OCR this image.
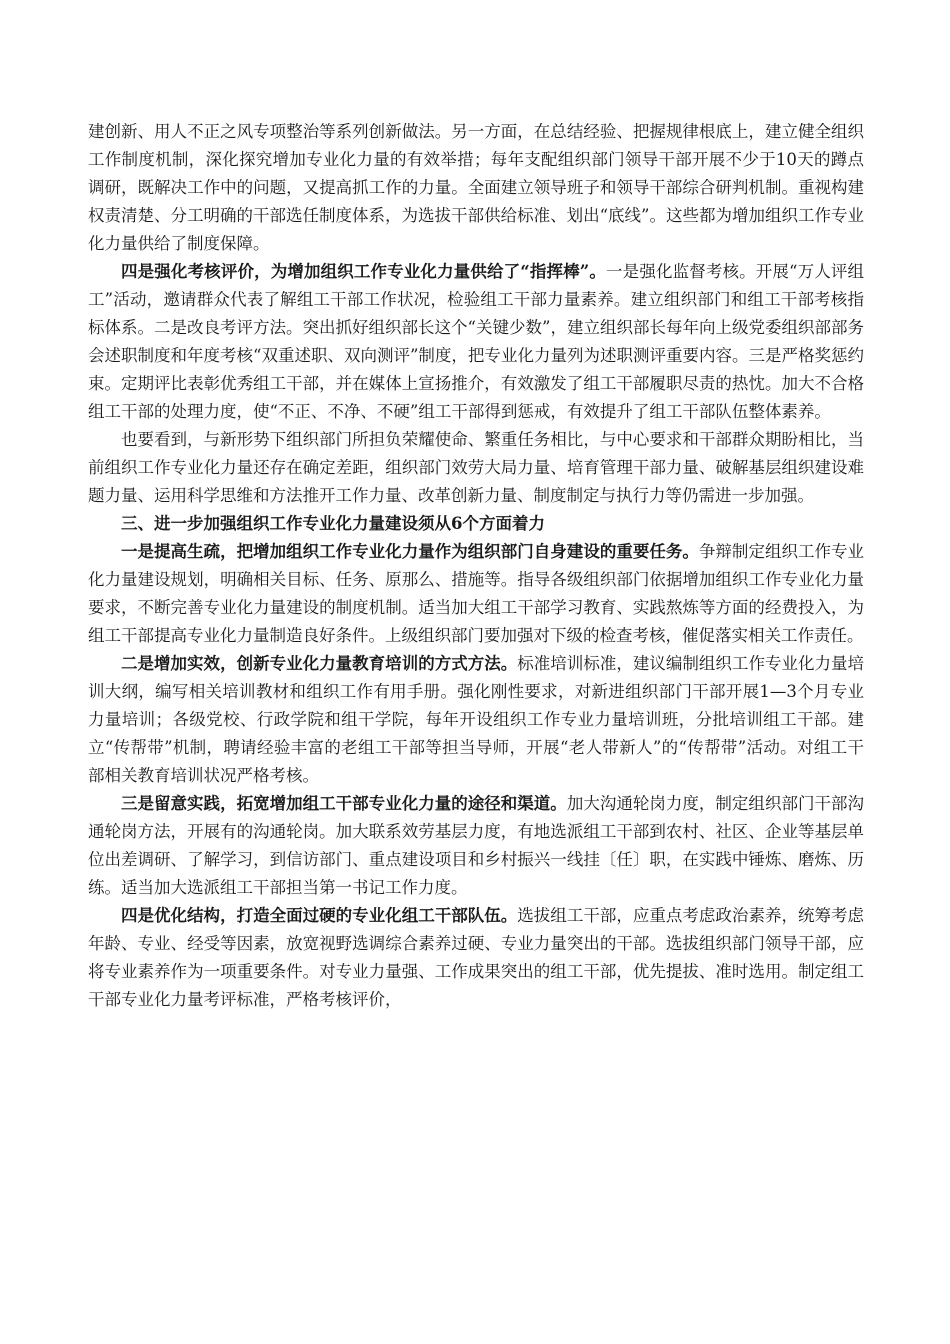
建创新、用人不正之风专项整治等系列创新做法。另一方面，在总结经验、把握规律根底上，建立健全组织工作制度机制，深化探究增加专业化力量的有效举措；每年支配组织部门领导干部开展不少于10天的蹲点调研，既解决工作中的问题，又提高抓工作的力量。全面建立领导班子和领导干部综合研判机制。重视构建权责清楚、分工明确的干部选任制度体系，为选拔干部供给标准、划出“底线”。这些都为增加组织工作专业化力量供给了制度保障。

四是强化考核评价，为增加组织工作专业化力量供给了“指挥棒”。一是强化监督考核。开展“万人评组工”活动，邀请群众代表了解组工干部工作状况，检验组工干部力量素养。建立组织部门和组工干部考核指标体系。二是改良考评方法。突出抓好组织部长这个“关键少数”，建立组织部长每年向上级党委组织部部务会述职制度和年度考核“双重述职、双向测评”制度，把专业化力量列为述职测评重要内容。三是严格奖惩约束。定期评比表彰优秀组工干部，并在媒体上宣扬推介，有效激发了组工干部履职尽责的热忱。加大不合格组工干部的处理力度，使“不正、不净、不硬”组工干部得到惩戒，有效提升了组工干部队伍整体素养。

也要看到，与新形势下组织部门所担负荣耀使命、繁重任务相比，与中心要求和干部群众期盼相比，当前组织工作专业化力量还存在确定差距，组织部门效劳大局力量、培育管理干部力量、破解基层组织建设难题力量、运用科学思维和方法推开工作力量、改革创新力量、制度制定与执行力等仍需进一步加强。

三、进一步加强组织工作专业化力量建设须从6个方面着力

一是提高生疏，把增加组织工作专业化力量作为组织部门自身建设的重要任务。争辩制定组织工作专业化力量建设规划，明确相关目标、任务、原那么、措施等。指导各级组织部门依据增加组织工作专业化力量要求，不断完善专业化力量建设的制度机制。适当加大组工干部学习教育、实践熬炼等方面的经费投入，为组工干部提高专业化力量制造良好条件。上级组织部门要加强对下级的检查考核，催促落实相关工作责任。

二是增加实效，创新专业化力量教育培训的方式方法。标准培训标准，建议编制组织工作专业化力量培训大纲，编写相关培训教材和组织工作有用手册。强化刚性要求，对新进组织部门干部开展1—3个月专业力量培训；各级党校、行政学院和组干学院，每年开设组织工作专业力量培训班，分批培训组工干部。建立“传帮带”机制，聘请经验丰富的老组工干部等担当导师，开展“老人带新人”的“传帮带”活动。对组工干部相关教育培训状况严格考核。

三是留意实践，拓宽增加组工干部专业化力量的途径和渠道。加大沟通轮岗力度，制定组织部门干部沟通轮岗方法，开展有的沟通轮岗。加大联系效劳基层力度，有地选派组工干部到农村、社区、企业等基层单位出差调研、了解学习，到信访部门、重点建设项目和乡村振兴一线挂〔任〕职，在实践中锤炼、磨炼、历练。适当加大选派组工干部担当第一书记工作力度。

四是优化结构，打造全面过硬的专业化组工干部队伍。选拔组工干部，应重点考虑政治素养，统筹考虑年龄、专业、经受等因素，放宽视野选调综合素养过硬、专业力量突出的干部。选拔组织部门领导干部，应将专业素养作为一项重要条件。对专业力量强、工作成果突出的组工干部，优先提拔、准时选用。制定组工干部专业化力量考评标准，严格考核评价，
